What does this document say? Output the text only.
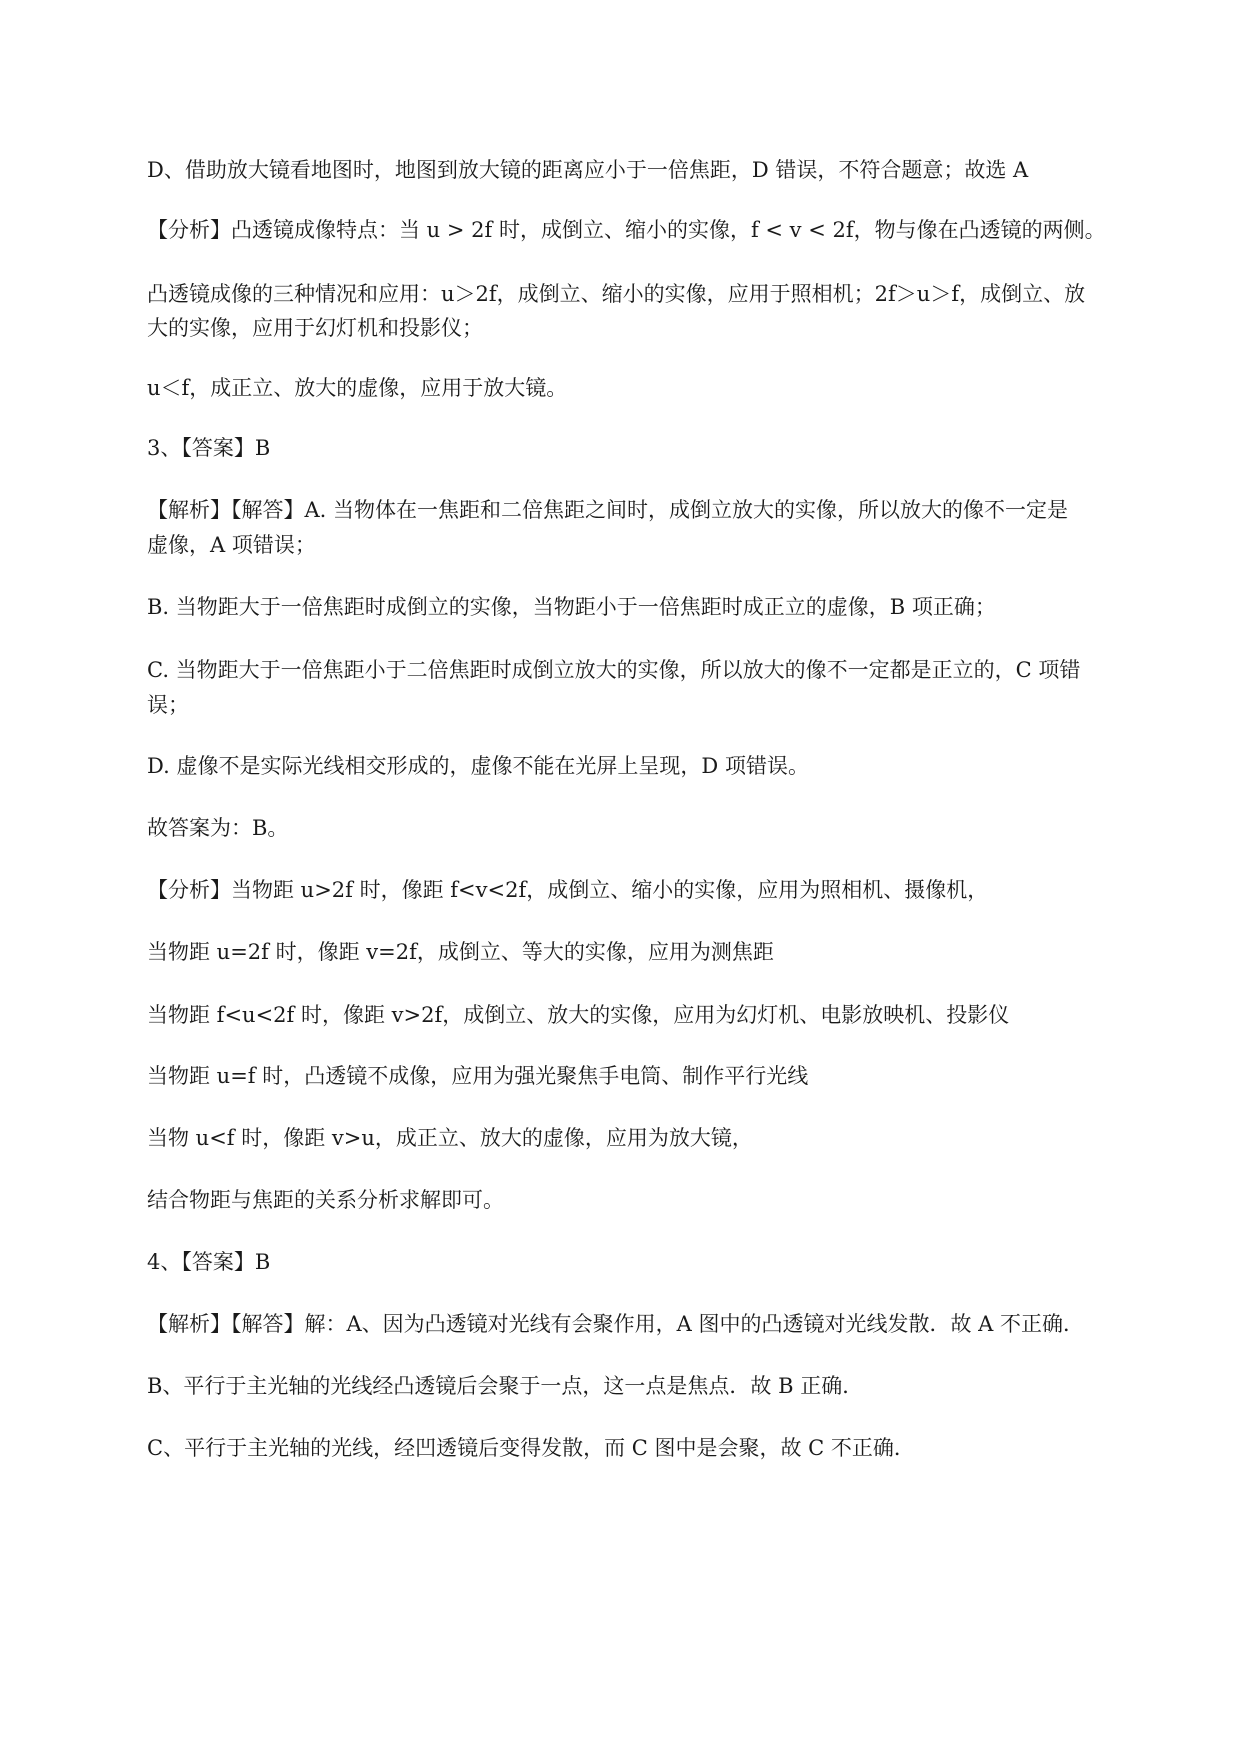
D、借助放大镜看地图时，地图到放大镜的距离应小于一倍焦距，D 错误，不符合题意；故选 A
【分析】凸透镜成像特点：当 u > 2f 时，成倒立、缩小的实像，f < v < 2f，物与像在凸透镜的两侧。
凸透镜成像的三种情况和应用：u＞2f，成倒立、缩小的实像，应用于照相机；2f＞u＞f，成倒立、放
大的实像，应用于幻灯机和投影仪；
u＜f，成正立、放大的虚像，应用于放大镜。
3、【答案】B
【解析】【解答】A. 当物体在一焦距和二倍焦距之间时，成倒立放大的实像，所以放大的像不一定是
虚像，A 项错误；
B. 当物距大于一倍焦距时成倒立的实像，当物距小于一倍焦距时成正立的虚像，B 项正确；
C. 当物距大于一倍焦距小于二倍焦距时成倒立放大的实像，所以放大的像不一定都是正立的，C 项错
误；
D. 虚像不是实际光线相交形成的，虚像不能在光屏上呈现，D 项错误。
故答案为：B。
【分析】当物距 u>2f 时，像距 f<v<2f，成倒立、缩小的实像，应用为照相机、摄像机，
当物距 u=2f 时，像距 v=2f，成倒立、等大的实像，应用为测焦距
当物距 f<u<2f 时，像距 v>2f，成倒立、放大的实像，应用为幻灯机、电影放映机、投影仪
当物距 u=f 时，凸透镜不成像，应用为强光聚焦手电筒、制作平行光线
当物 u<f 时，像距 v>u，成正立、放大的虚像，应用为放大镜，
结合物距与焦距的关系分析求解即可。
4、【答案】B
【解析】【解答】解：A、因为凸透镜对光线有会聚作用，A 图中的凸透镜对光线发散．故 A 不正确．
B、平行于主光轴的光线经凸透镜后会聚于一点，这一点是焦点．故 B 正确．
C、平行于主光轴的光线，经凹透镜后变得发散，而 C 图中是会聚，故 C 不正确．
